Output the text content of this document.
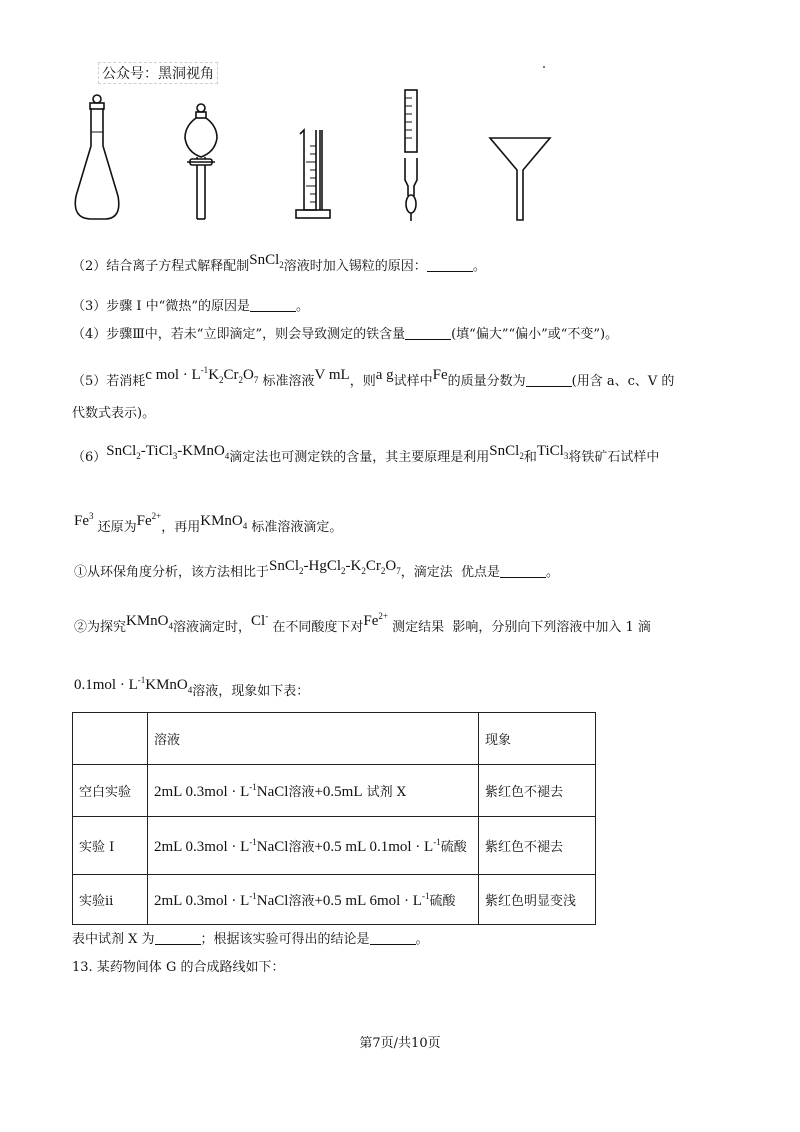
公众号：黑洞视角
（2）结合离子方程式解释配制SnCl$_2$溶液时加入锡粒的原因：	。
（3）步骤 I 中“微热”的原因是	。
（4）步骤Ⅲ中，若未“立即滴定”，则会导致测定的铁含量	(填“偏大”“偏小”或“不变”)。
（5）若消耗c mol · $L^{-1}K_2Cr_2O_7$ 标准溶液V mL，则a g试样中Fe的质量分数为	(用含 a、c、V 的
代数式表示)。
（6）SnCl$_2$-TiCl$_3$-KMnO$_4$滴定法也可测定铁的含量，其主要原理是利用SnCl$_2$和TiCl$_3$将铁矿石试样中
Fe$^3$ 还原为$Fe^{2+}$，再用KMnO$_4$ 标准溶液滴定。
①从环保角度分析，该方法相比于$SnCl_2-HgCl_2-K_2Cr_2O_7$，滴定法 优点是	。
②为探究KMnO$_4$溶液滴定时，Cl- 在不同酸度下对$Fe^{2+}$ 测定结果 影响，分别向下列溶液中加入 1 滴
$0.1mol \cdot L^{-1}KMnO_4$溶液，现象如下表：
	溶液	现象
空白实验	2mL $0.3mol \cdot L^{-1}NaCl$溶液+0.5mL 试剂 X	紫红色不褪去
实验 I	2mL $0.3mol \cdot L^{-1}NaCl$溶液+0.5 mL $0.1mol \cdot L^{-1}$硫酸	紫红色不褪去
实验ii	2mL $0.3mol \cdot L^{-1}NaCl$溶液+0.5 mL $6mol \cdot L^{-1}$硫酸	紫红色明显变浅
表中试剂 X 为	；根据该实验可得出的结论是	。
13. 某药物间体 G 的合成路线如下：
第7页/共10页
